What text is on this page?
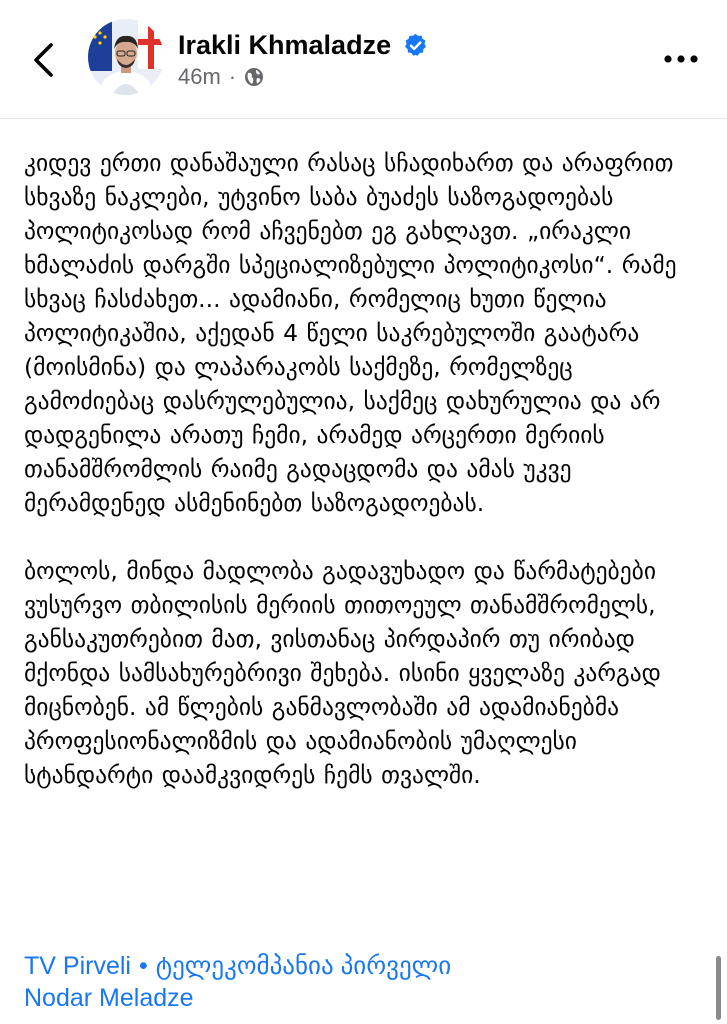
Irakli Khmaladze
46m ·

კიდევ ერთი დანაშაული რასაც სჩადიხართ და არაფრით სხვაზე ნაკლები, უტვინო საბა ბუაძეს საზოგადოებას პოლიტიკოსად რომ აჩვენებთ ეგ გახლავთ. „ირაკლი ხმალაძის დარგში სპეციალიზებული პოლიტიკოსი“. რამე სხვაც ჩასძახეთ... ადამიანი, რომელიც ხუთი წელია პოლიტიკაშია, აქედან 4 წელი საკრებულოში გაატარა (მოისმინა) და ლაპარაკობს საქმეზე, რომელზეც გამოძიებაც დასრულებულია, საქმეც დახურულია და არ დადგენილა არათუ ჩემი, არამედ არცერთი მერიის თანამშრომლის რაიმე გადაცდომა და ამას უკვე მერამდენედ ასმენინებთ საზოგადოებას.

ბოლოს, მინდა მადლობა გადავუხადო და წარმატებები ვუსურვო თბილისის მერიის თითოეულ თანამშრომელს, განსაკუთრებით მათ, ვისთანაც პირდაპირ თუ ირიბად მქონდა სამსახურებრივი შეხება. ისინი ყველაზე კარგად მიცნობენ. ამ წლების განმავლობაში ამ ადამიანებმა პროფესიონალიზმის და ადამიანობის უმაღლესი სტანდარტი დაამკვიდრეს ჩემს თვალში.

TV Pirveli • ტელეკომპანია პირველი
Nodar Meladze
